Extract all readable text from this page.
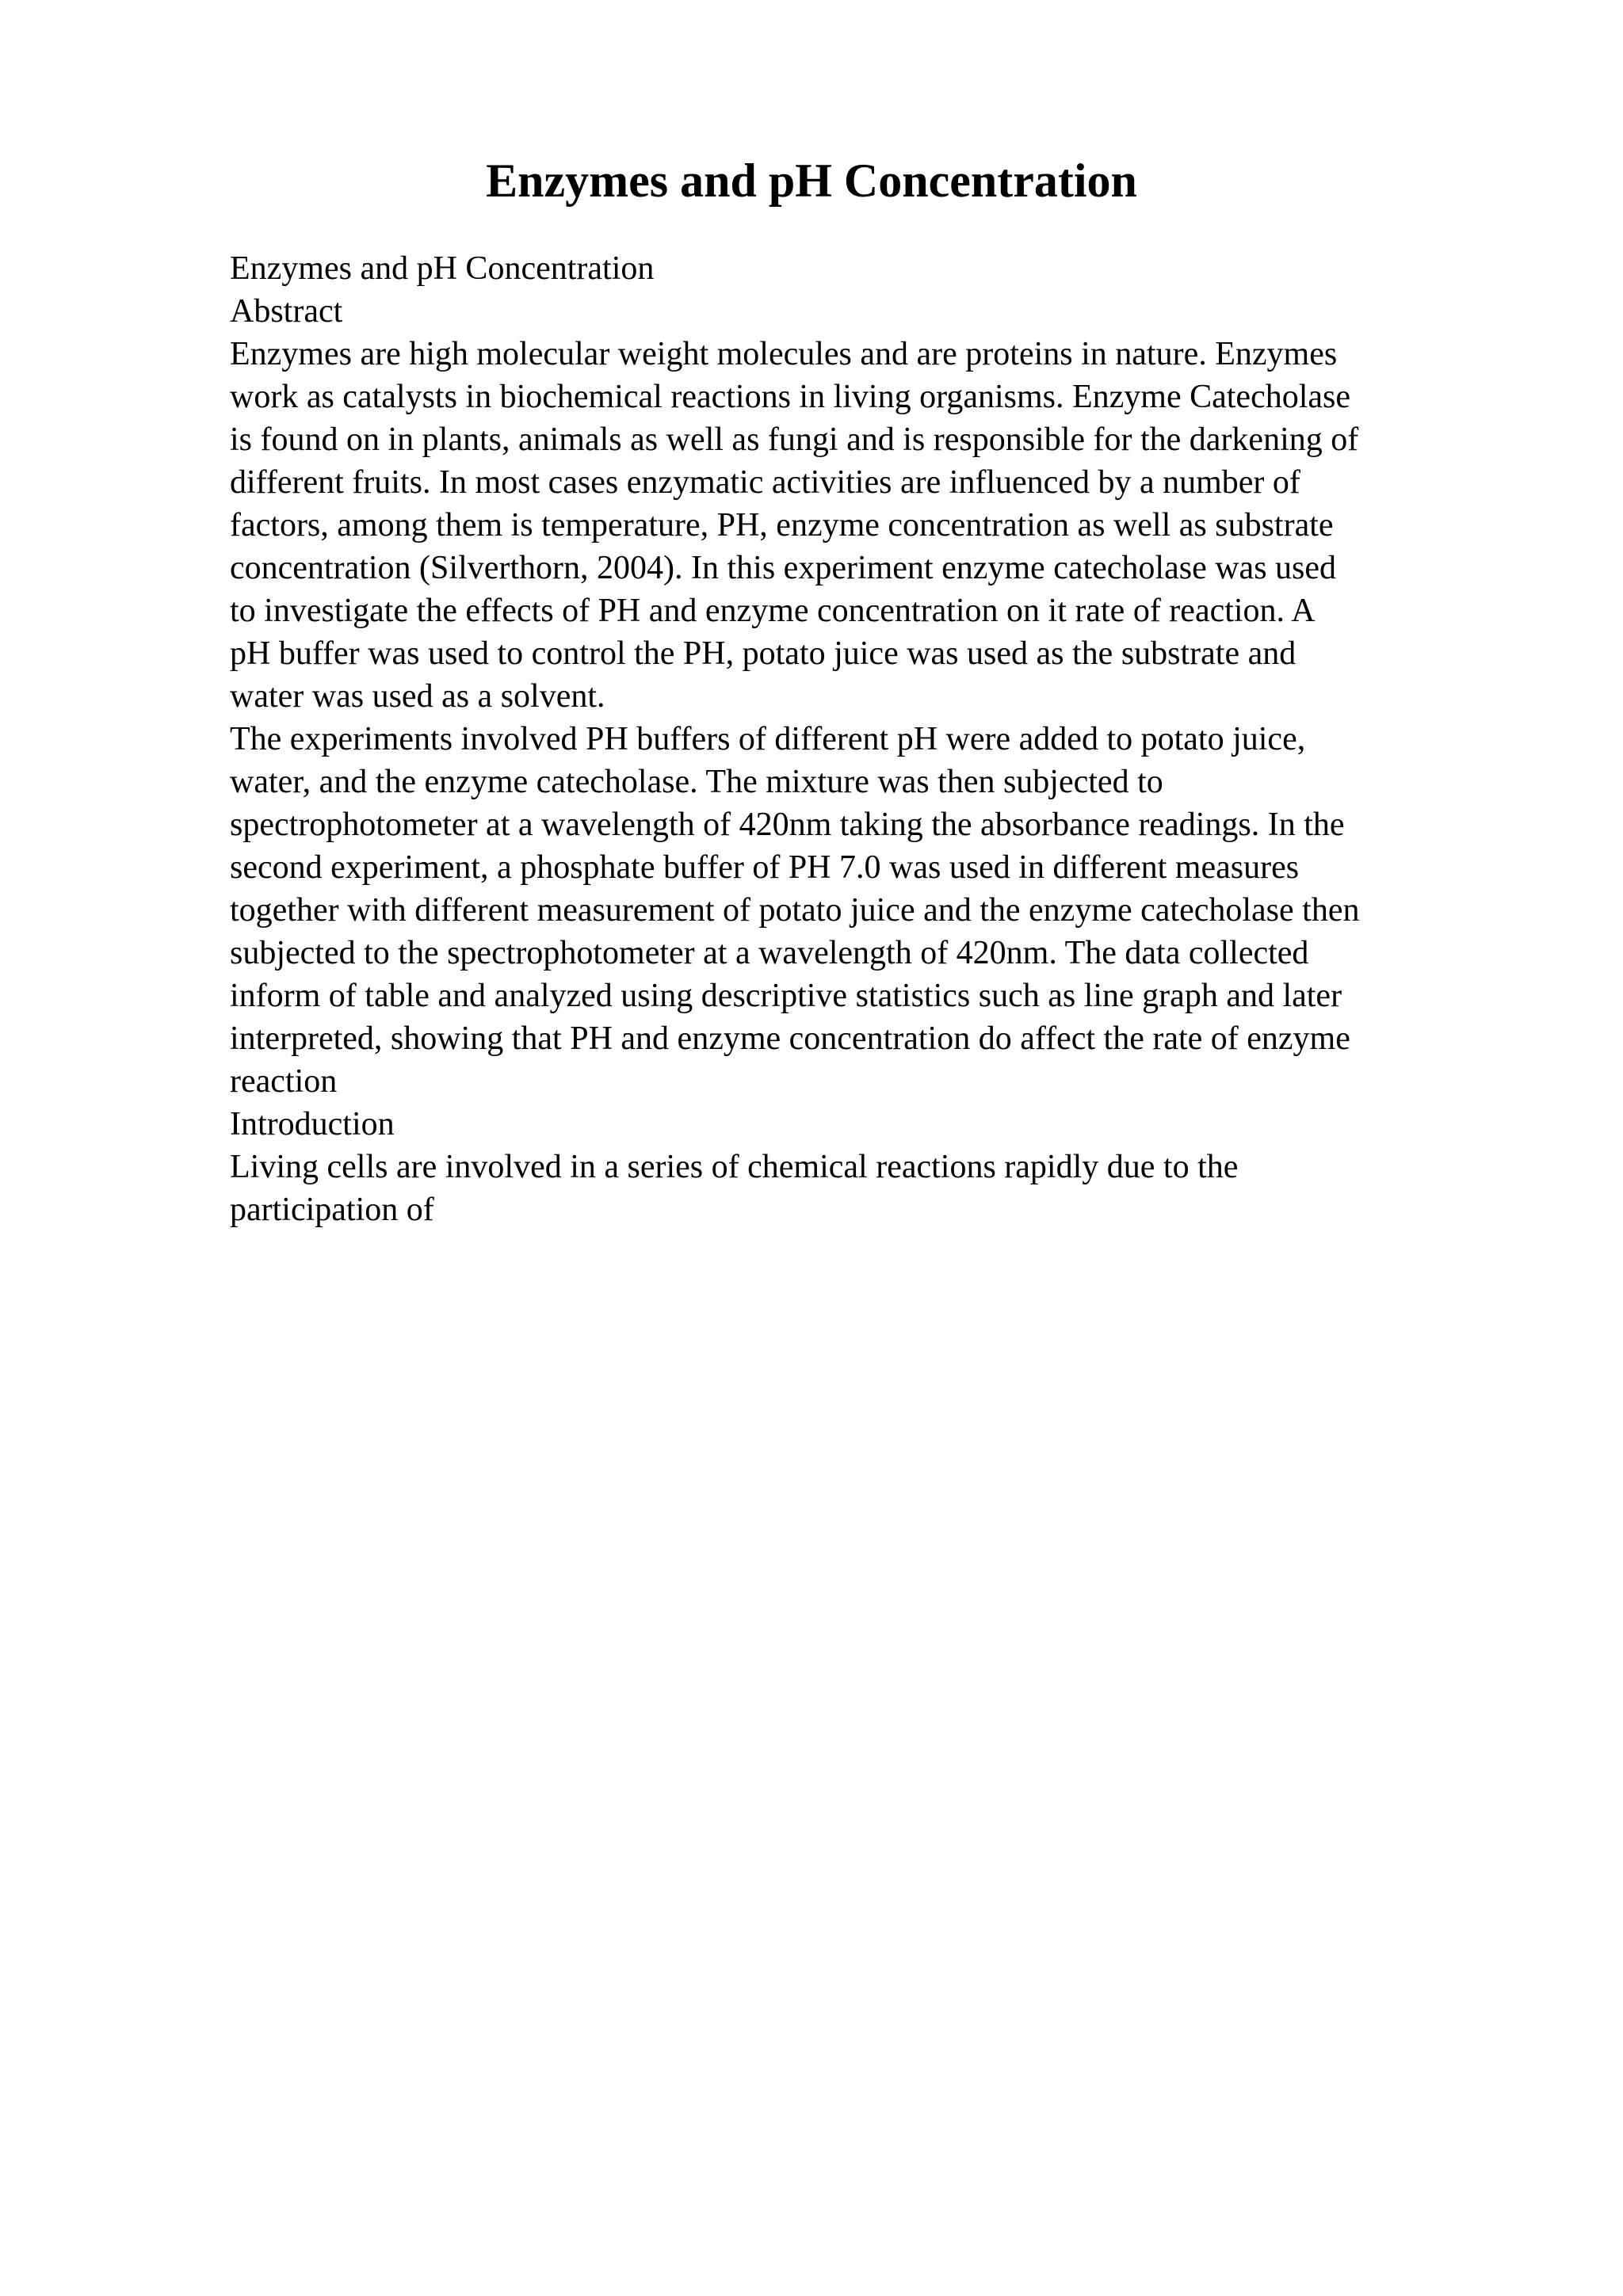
Enzymes and pH Concentration
Enzymes and pH Concentration
Abstract
Enzymes are high molecular weight molecules and are proteins in nature. Enzymes
work as catalysts in biochemical reactions in living organisms. Enzyme Catecholase
is found on in plants, animals as well as fungi and is responsible for the darkening of
different fruits. In most cases enzymatic activities are influenced by a number of
factors, among them is temperature, PH, enzyme concentration as well as substrate
concentration (Silverthorn, 2004). In this experiment enzyme catecholase was used
to investigate the effects of PH and enzyme concentration on it rate of reaction. A
pH buffer was used to control the PH, potato juice was used as the substrate and
water was used as a solvent.
The experiments involved PH buffers of different pH were added to potato juice,
water, and the enzyme catecholase. The mixture was then subjected to
spectrophotometer at a wavelength of 420nm taking the absorbance readings. In the
second experiment, a phosphate buffer of PH 7.0 was used in different measures
together with different measurement of potato juice and the enzyme catecholase then
subjected to the spectrophotometer at a wavelength of 420nm. The data collected
inform of table and analyzed using descriptive statistics such as line graph and later
interpreted, showing that PH and enzyme concentration do affect the rate of enzyme
reaction
Introduction
Living cells are involved in a series of chemical reactions rapidly due to the
participation of
